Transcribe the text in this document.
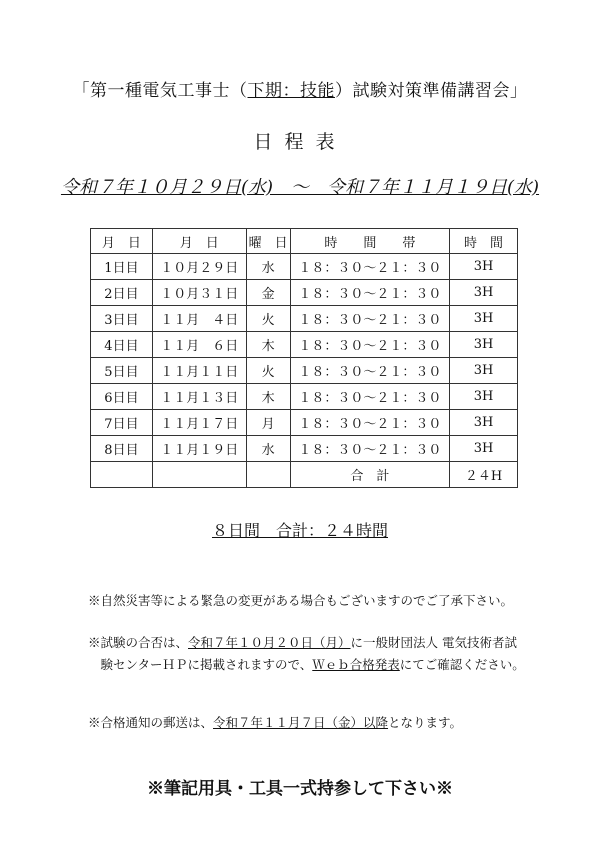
「第一種電気工事士（下期：技能）試験対策準備講習会」
日程表
令和７年１０月２９日(水)　～　令和７年１１月１９日(水)
月　日	月　日	曜　日	時　　間　　帯	時　間
1日目	１０月２９日	水	１８：３０～２１：３０	3H
2日目	１０月３１日	金	１８：３０～２１：３０	3H
3日目	１１月　４日	火	１８：３０～２１：３０	3H
4日目	１１月　６日	木	１８：３０～２１：３０	3H
5日目	１１月１１日	火	１８：３０～２１：３０	3H
6日目	１１月１３日	木	１８：３０～２１：３０	3H
7日目	１１月１７日	月	１８：３０～２１：３０	3H
8日目	１１月１９日	水	１８：３０～２１：３０	3H
			合　計	２４H
８日間　合計：２４時間
※自然災害等による緊急の変更がある場合もございますのでご了承下さい。
※試験の合否は、令和７年１０月２０日（月）に一般財団法人 電気技術者試
　験センターＨＰに掲載されますので、Ｗｅｂ合格発表にてご確認ください。
※合格通知の郵送は、令和７年１１月７日（金）以降となります。
※筆記用具・工具一式持参して下さい※
